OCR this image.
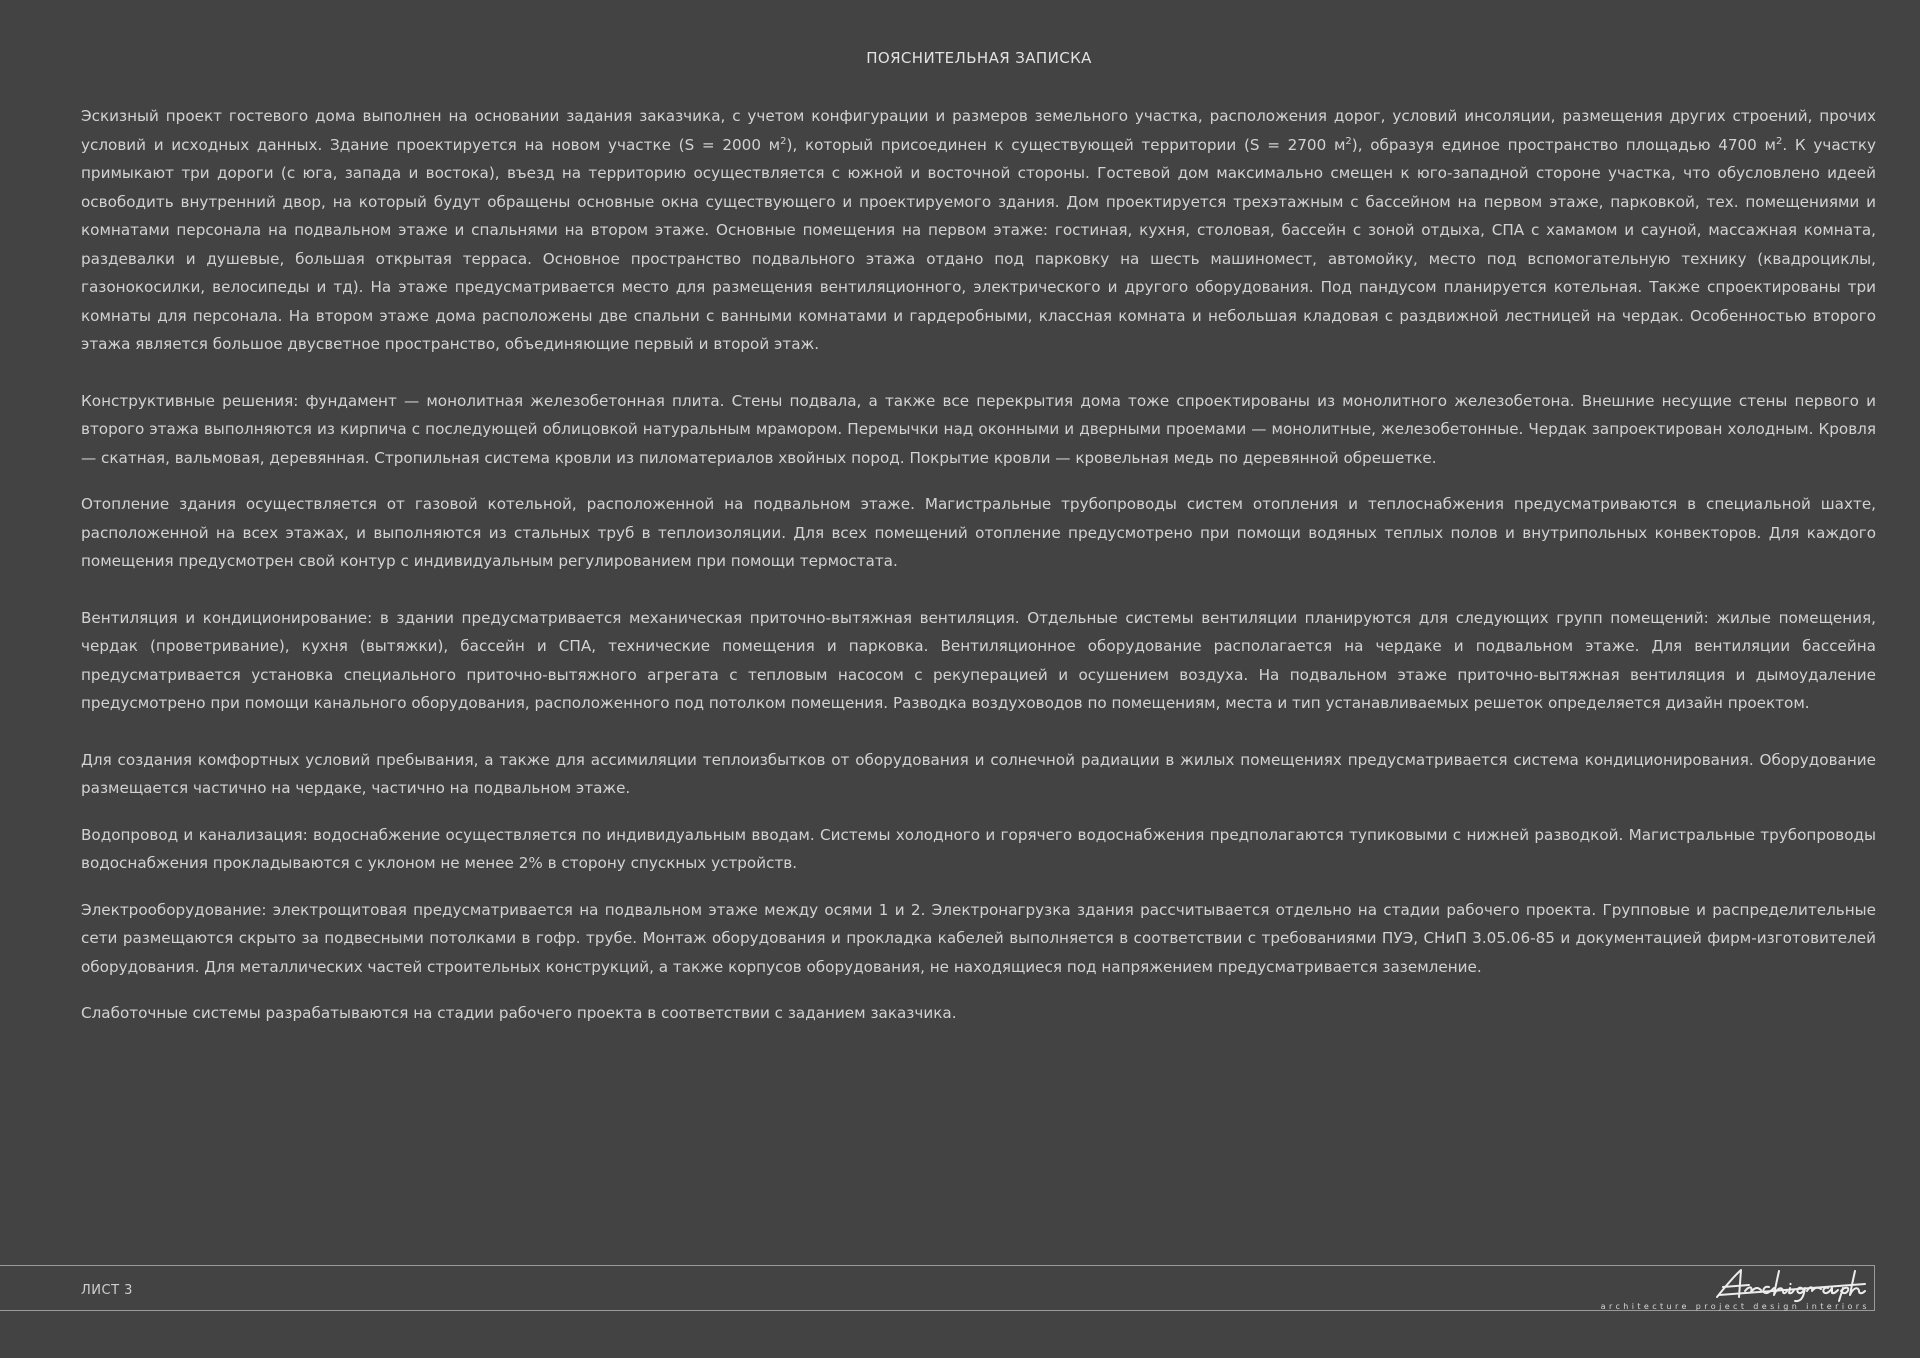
ПОЯСНИТЕЛЬНАЯ ЗАПИСКА

Эскизный проект гостевого дома выполнен на основании задания заказчика, с учетом конфигурации и размеров земельного участка, расположения дорог, условий инсоляции, размещения других строений, прочих условий и исходных данных. Здание проектируется на новом участке (S = 2000 $м^2$), который присоединен к существующей территории (S = 2700 $м^2$), образуя единое пространство площадью 4700 $м^2$. К участку примыкают три дороги (с юга, запада и востока), въезд на территорию осуществляется с южной и восточной стороны. Гостевой дом максимально смещен к юго-западной стороне участка, что обусловлено идеей освободить внутренний двор, на который будут обращены основные окна существующего и проектируемого здания. Дом проектируется трехэтажным с бассейном на первом этаже, парковкой, тех. помещениями и комнатами персонала на подвальном этаже и спальнями на втором этаже. Основные помещения на первом этаже: гостиная, кухня, столовая, бассейн с зоной отдыха, СПА с хамамом и сауной, массажная комната, раздевалки и душевые, большая открытая терраса. Основное пространство подвального этажа отдано под парковку на шесть машиномест, автомойку, место под вспомогательную технику (квадроциклы, газонокосилки, велосипеды и тд). На этаже предусматривается место для размещения вентиляционного, электрического и другого оборудования. Под пандусом планируется котельная. Также спроектированы три комнаты для персонала. На втором этаже дома расположены две спальни с ванными комнатами и гардеробными, классная комната и небольшая кладовая с раздвижной лестницей на чердак. Особенностью второго этажа является большое двусветное пространство, объединяющие первый и второй этаж.

Конструктивные решения: фундамент — монолитная железобетонная плита. Стены подвала, а также все перекрытия дома тоже спроектированы из монолитного железобетона. Внешние несущие стены первого и второго этажа выполняются из кирпича с последующей облицовкой натуральным мрамором. Перемычки над оконными и дверными проемами — монолитные, железобетонные. Чердак запроектирован холодным. Кровля — скатная, вальмовая, деревянная. Стропильная система кровли из пиломатериалов хвойных пород. Покрытие кровли — кровельная медь по деревянной обрешетке.

Отопление здания осуществляется от газовой котельной, расположенной на подвальном этаже. Магистральные трубопроводы систем отопления и теплоснабжения предусматриваются в специальной шахте, расположенной на всех этажах, и выполняются из стальных труб в теплоизоляции. Для всех помещений отопление предусмотрено при помощи водяных теплых полов и внутрипольных конвекторов. Для каждого помещения предусмотрен свой контур с индивидуальным регулированием при помощи термостата.

Вентиляция и кондиционирование: в здании предусматривается механическая приточно-вытяжная вентиляция. Отдельные системы вентиляции планируются для следующих групп помещений: жилые помещения, чердак (проветривание), кухня (вытяжки), бассейн и СПА, технические помещения и парковка. Вентиляционное оборудование располагается на чердаке и подвальном этаже. Для вентиляции бассейна предусматривается установка специального приточно-вытяжного агрегата с тепловым насосом с рекуперацией и осушением воздуха. На подвальном этаже приточно-вытяжная вентиляция и дымоудаление предусмотрено при помощи канального оборудования, расположенного под потолком помещения. Разводка воздуховодов по помещениям, места и тип устанавливаемых решеток определяется дизайн проектом.

Для создания комфортных условий пребывания, а также для ассимиляции теплоизбытков от оборудования и солнечной радиации в жилых помещениях предусматривается система кондиционирования. Оборудование размещается частично на чердаке, частично на подвальном этаже.

Водопровод и канализация: водоснабжение осуществляется по индивидуальным вводам. Системы холодного и горячего водоснабжения предполагаются тупиковыми с нижней разводкой. Магистральные трубопроводы водоснабжения прокладываются с уклоном не менее 2% в сторону спускных устройств.

Электрооборудование: электрощитовая предусматривается на подвальном этаже между осями 1 и 2. Электронагрузка здания рассчитывается отдельно на стадии рабочего проекта. Групповые и распределительные сети размещаются скрыто за подвесными потолками в гофр. трубе. Монтаж оборудования и прокладка кабелей выполняется в соответствии с требованиями ПУЭ, СНиП 3.05.06-85 и документацией фирм-изготовителей оборудования. Для металлических частей строительных конструкций, а также корпусов оборудования, не находящиеся под напряжением предусматривается заземление.

Слаботочные системы разрабатываются на стадии рабочего проекта в соответствии с заданием заказчика.

ЛИСТ 3
architecture project design interiors
